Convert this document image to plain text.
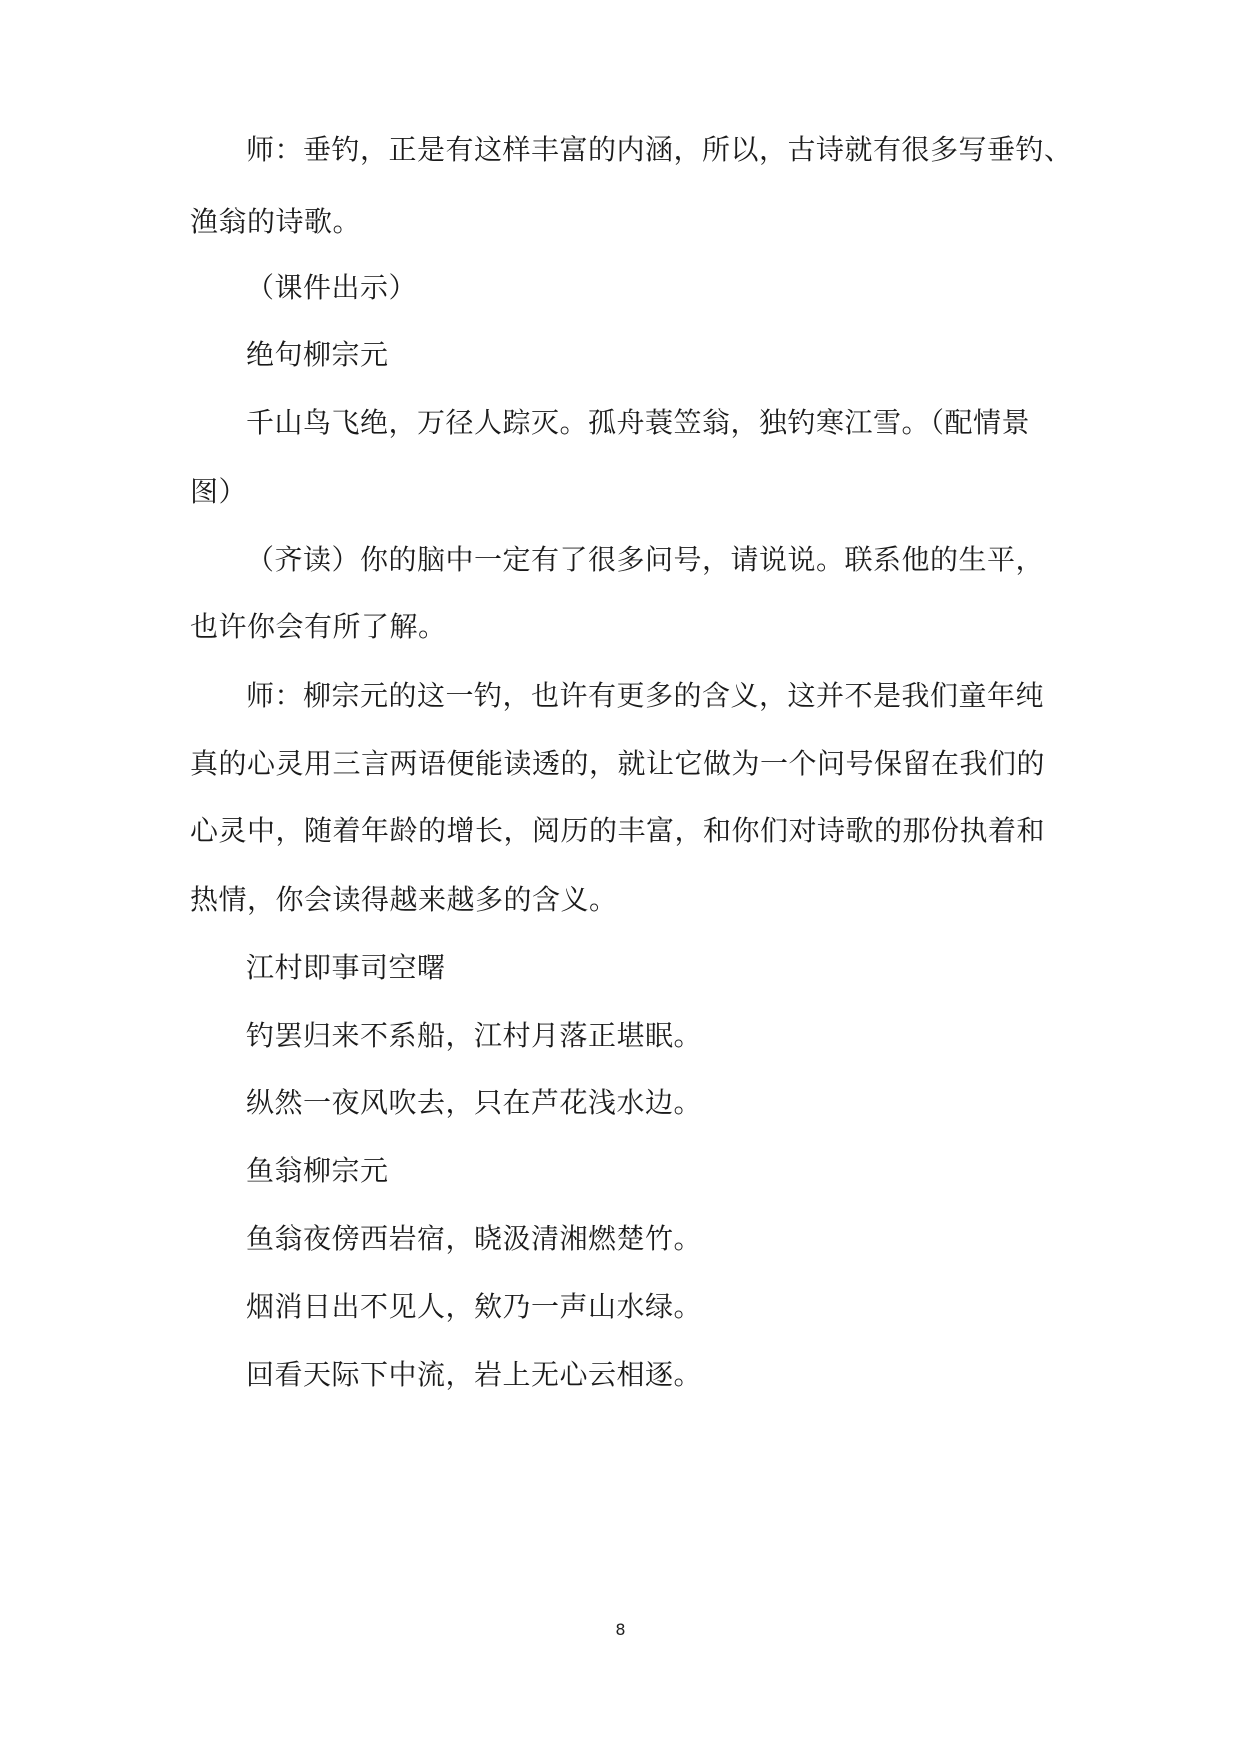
师：垂钓，正是有这样丰富的内涵，所以，古诗就有很多写垂钓、
渔翁的诗歌。
（课件出示）
绝句柳宗元
千山鸟飞绝，万径人踪灭。孤舟蓑笠翁，独钓寒江雪。（配情景
图）
（齐读）你的脑中一定有了很多问号，请说说。联系他的生平，
也许你会有所了解。
师：柳宗元的这一钓，也许有更多的含义，这并不是我们童年纯
真的心灵用三言两语便能读透的，就让它做为一个问号保留在我们的
心灵中，随着年龄的增长，阅历的丰富，和你们对诗歌的那份执着和
热情，你会读得越来越多的含义。
江村即事司空曙
钓罢归来不系船，江村月落正堪眠。
纵然一夜风吹去，只在芦花浅水边。
鱼翁柳宗元
鱼翁夜傍西岩宿，晓汲清湘燃楚竹。
烟消日出不见人，欸乃一声山水绿。
回看天际下中流，岩上无心云相逐。
8
